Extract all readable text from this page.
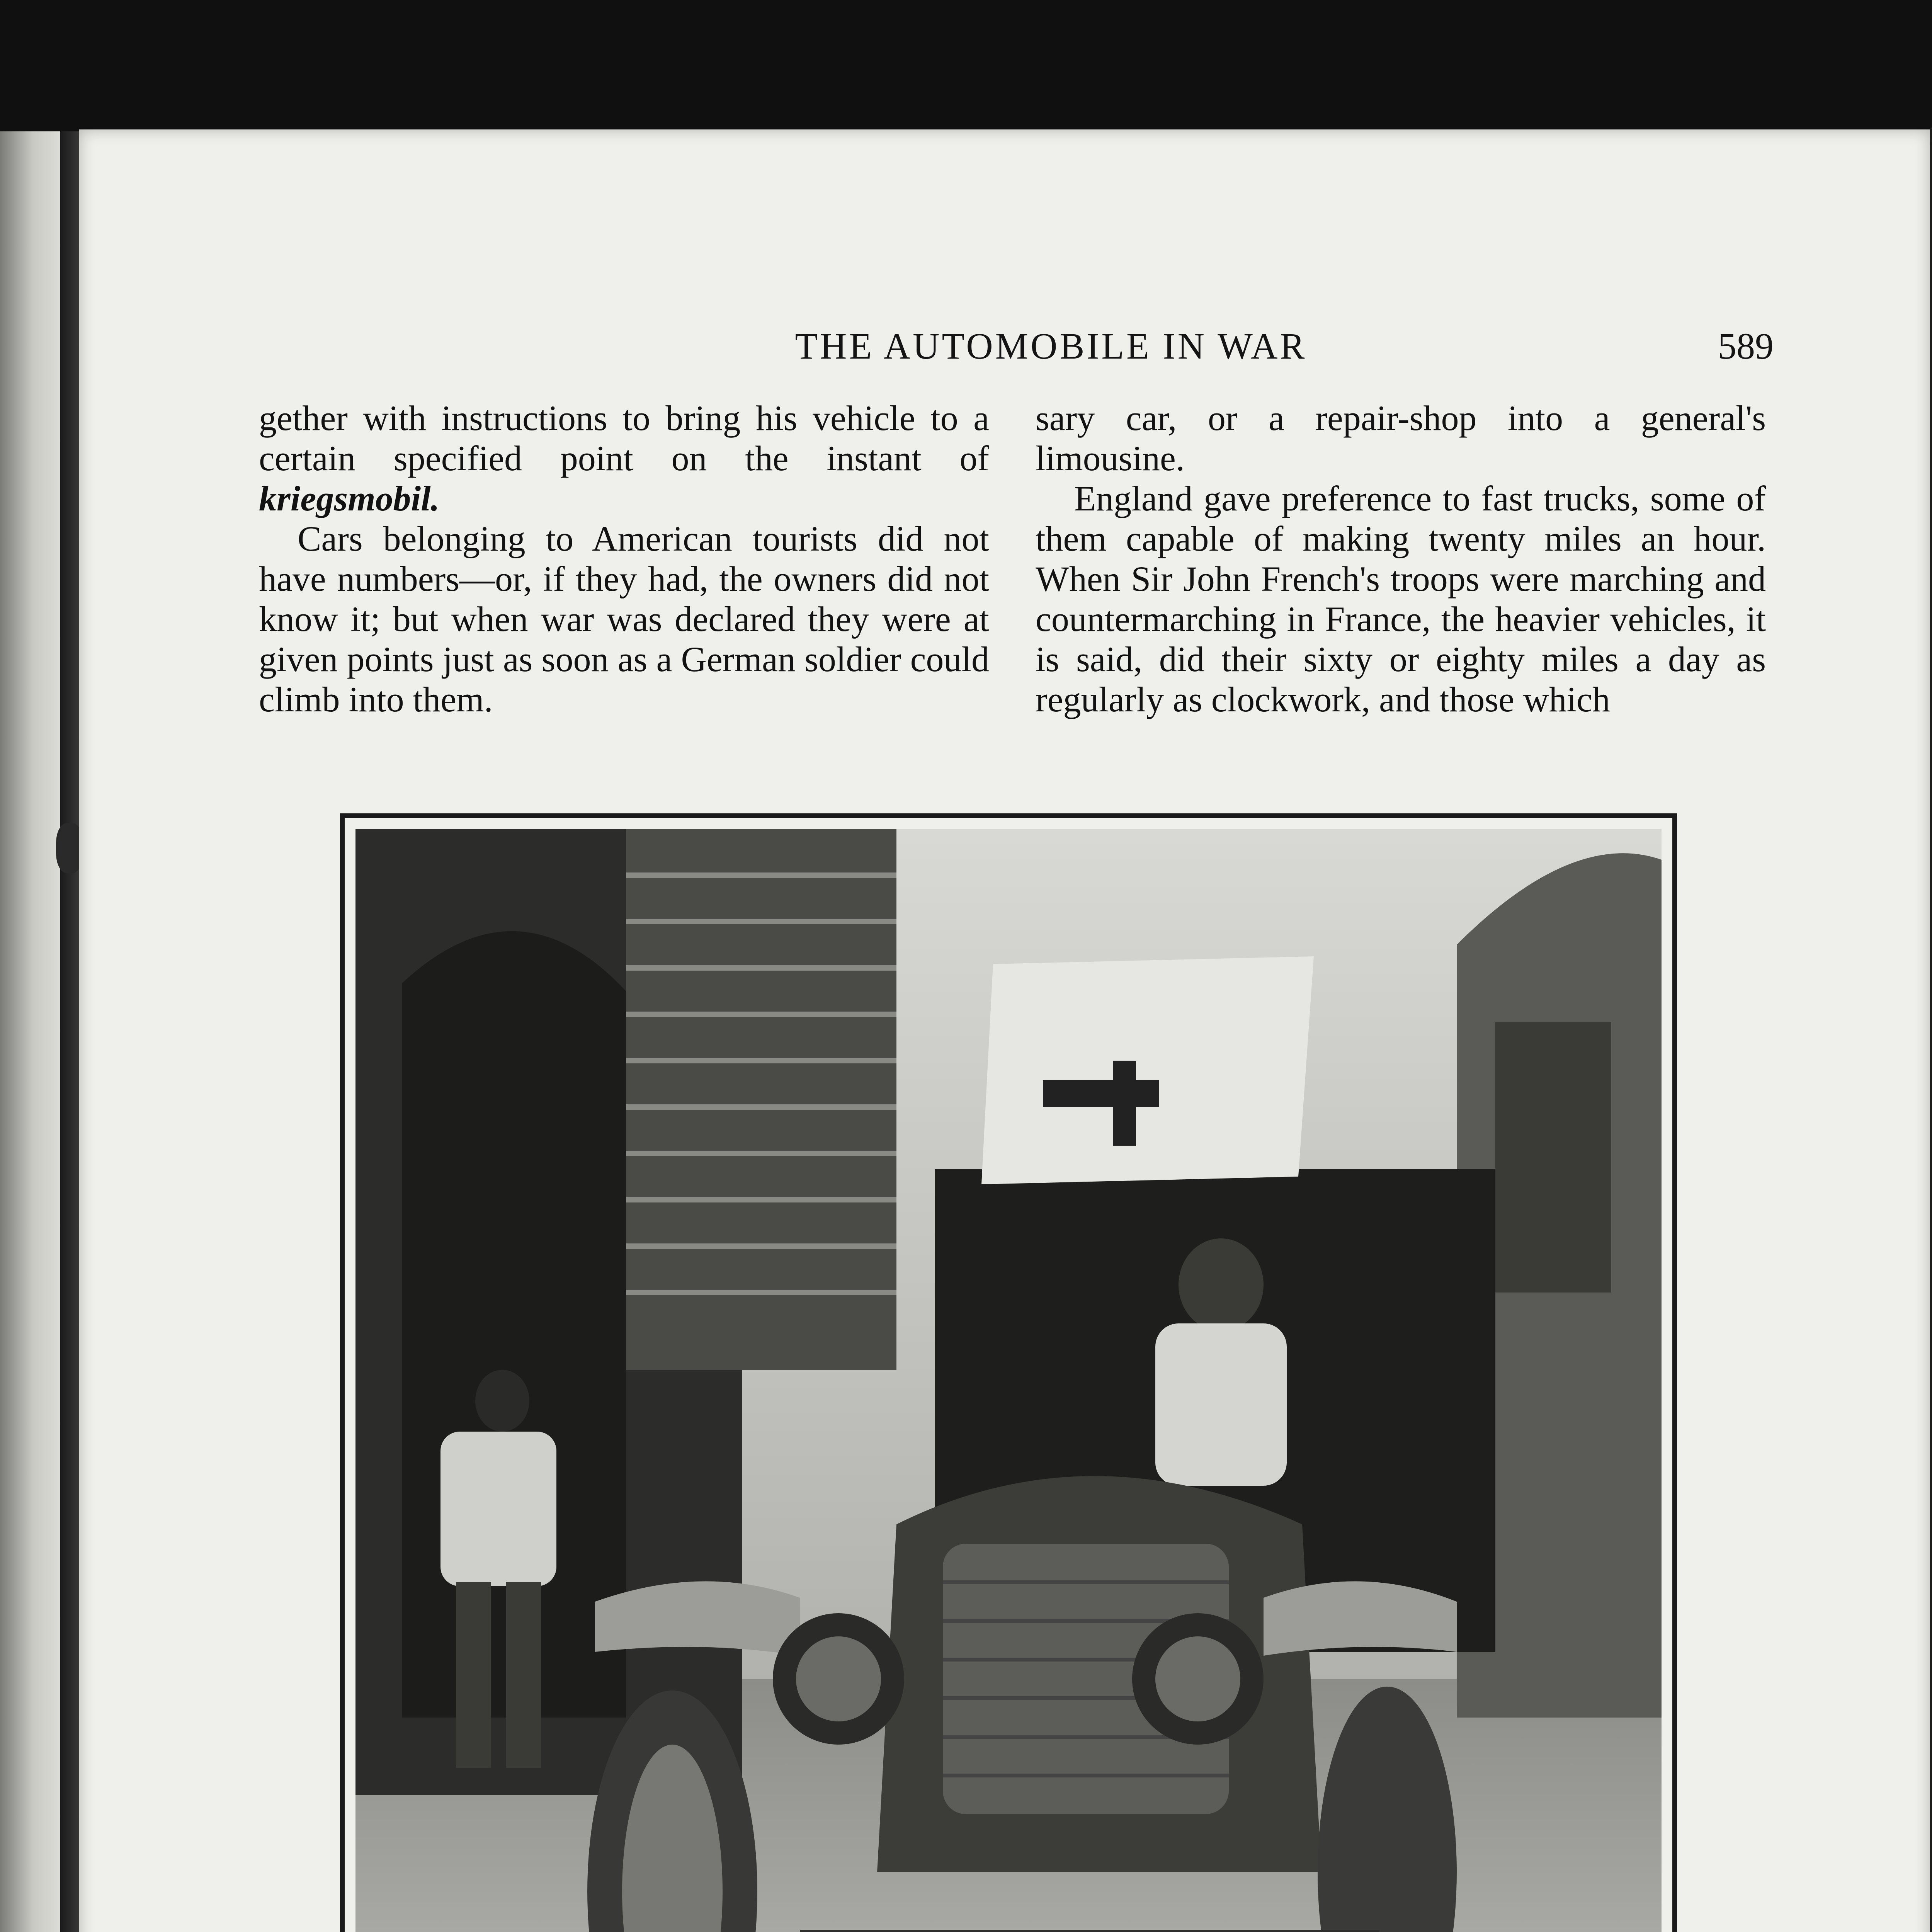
THE AUTOMOBILE IN WAR	589

gether with instructions to bring his vehicle to a certain specified point on the instant of kriegsmobil.

Cars belonging to American tourists did not have numbers—or, if they had, the owners did not know it; but when war was declared they were at given points just as soon as a German soldier could climb into them.

sary car, or a repair-shop into a general's limousine.

England gave preference to fast trucks, some of them capable of making twenty miles an hour. When Sir John French's troops were marching and countermarching in France, the heavier vehicles, it is said, did their sixty or eighty miles a day as regularly as clockwork, and those which
